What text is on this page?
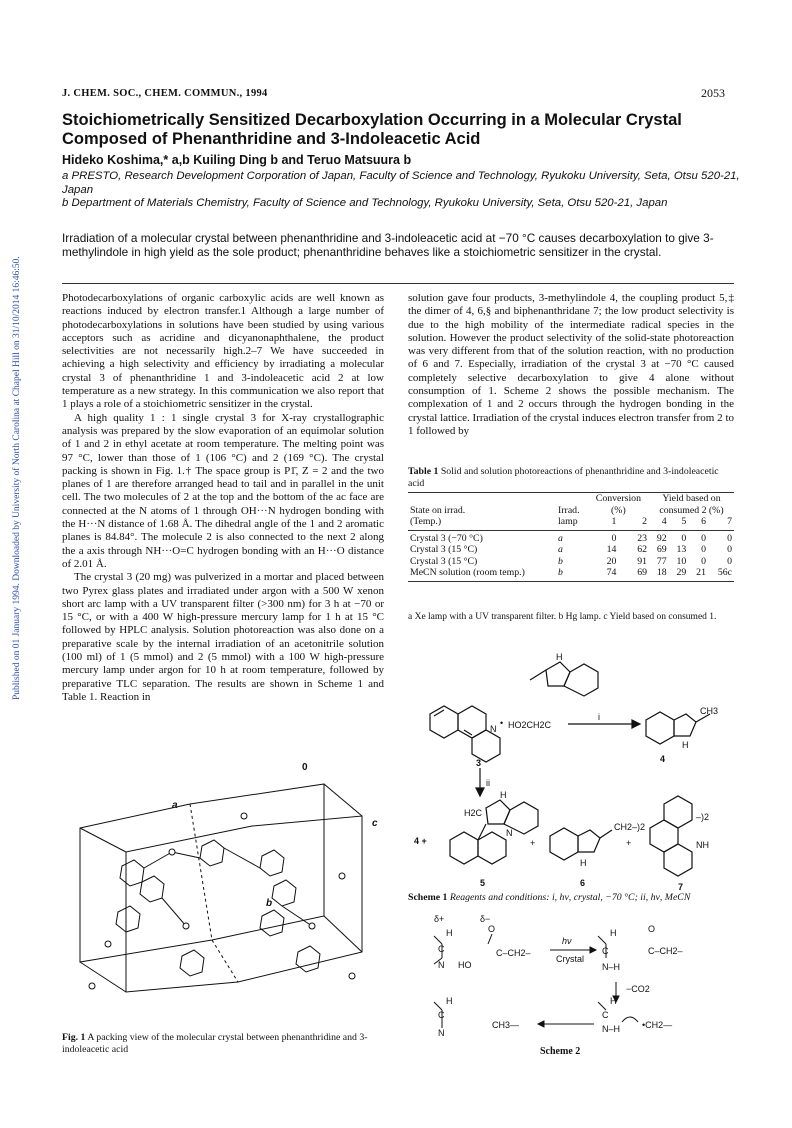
Published on 01 January 1994. Downloaded by University of North Carolina at Chapel Hill on 31/10/2014 16:46:50.
J. CHEM. SOC., CHEM. COMMUN., 1994	2053
Stoichiometrically Sensitized Decarboxylation Occurring in a Molecular Crystal Composed of Phenanthridine and 3-Indoleacetic Acid
Hideko Koshima,* a,b Kuiling Ding b and Teruo Matsuura b
a PRESTO, Research Development Corporation of Japan, Faculty of Science and Technology, Ryukoku University, Seta, Otsu 520-21, Japan
b Department of Materials Chemistry, Faculty of Science and Technology, Ryukoku University, Seta, Otsu 520-21, Japan
Irradiation of a molecular crystal between phenanthridine and 3-indoleacetic acid at −70 °C causes decarboxylation to give 3-methylindole in high yield as the sole product; phenanthridine behaves like a stoichiometric sensitizer in the crystal.

Photodecarboxylations of organic carboxylic acids are well known as reactions induced by electron transfer.1 Although a large number of photodecarboxylations in solutions have been studied by using various acceptors such as acridine and dicyanonaphthalene, the product selectivities are not necessarily high.2–7 We have succeeded in achieving a high selectivity and efficiency by irradiating a molecular crystal 3 of phenanthridine 1 and 3-indoleacetic acid 2 at low temperature as a new strategy. In this communication we also report that 1 plays a role of a stoichiometric sensitizer in the crystal.

A high quality 1 : 1 single crystal 3 for X-ray crystallographic analysis was prepared by the slow evaporation of an equimolar solution of 1 and 2 in ethyl acetate at room temperature. The melting point was 97 °C, lower than those of 1 (106 °C) and 2 (169 °C). The crystal packing is shown in Fig. 1.† The space group is P1̄, Z = 2 and the two planes of 1 are therefore arranged head to tail and in parallel in the unit cell. The two molecules of 2 at the top and the bottom of the ac face are connected at the N atoms of 1 through OH···N hydrogen bonding with the H···N distance of 1.68 Å. The dihedral angle of the 1 and 2 aromatic planes is 84.84°. The molecule 2 is also connected to the next 2 along the a axis through NH···O=C hydrogen bonding with an H···O distance of 2.01 Å.

The crystal 3 (20 mg) was pulverized in a mortar and placed between two Pyrex glass plates and irradiated under argon with a 500 W xenon short arc lamp with a UV transparent filter (>300 nm) for 3 h at −70 or 15 °C, or with a 400 W high-pressure mercury lamp for 1 h at 15 °C followed by HPLC analysis. Solution photoreaction was also done on a preparative scale by the internal irradiation of an acetonitrile solution (100 ml) of 1 (5 mmol) and 2 (5 mmol) with a 100 W high-pressure mercury lamp under argon for 10 h at room temperature, followed by preparative TLC separation. The results are shown in Scheme 1 and Table 1. Reaction in

solution gave four products, 3-methylindole 4, the coupling product 5,‡ the dimer of 4, 6,§ and biphenanthridane 7; the low product selectivity is due to the high mobility of the intermediate radical species in the solution. However the product selectivity of the solid-state photoreaction was very different from that of the solution reaction, with no production of 6 and 7. Especially, irradiation of the crystal 3 at −70 °C caused completely selective decarboxylation to give 4 alone without consumption of 1. Scheme 2 shows the possible mechanism. The complexation of 1 and 2 occurs through the hydrogen bonding in the crystal lattice. Irradiation of the crystal induces electron transfer from 2 to 1 followed by

Table 1 Solid and solution photoreactions of phenanthridine and 3-indoleacetic acid
		Conversion		Yield based on			
State on irrad.	Irrad.	(%)		consumed 2 (%)			
(Temp.)	lamp	1	2	4	5	6	7

Crystal 3 (−70 °C)	a	0	23	92	0	0	0
Crystal 3 (15 °C)	a	14	62	69	13	0	0
Crystal 3 (15 °C)	b	20	91	77	10	0	0
MeCN solution (room temp.)	b	74	69	18	29	21	56c
a Xe lamp with a UV transparent filter. b Hg lamp. c Yield based on consumed 1.
N
• HO2CH2C
H
i
CH3
H
4
3
ii
H
H2C
N
4 +	+
CH2–)2
H
+
–)2
NH
5	6	7
Scheme 1 Reagents and conditions: i, hν, crystal, −70 °C; ii, hν, MeCN
δ+	δ−
H
C
N HO
O
C–CH2–
hν
Crystal
H
C
N–H
O
C–CH2–
−CO2
H
C
N
CH3—
H
C
N–H •CH2—
Scheme 2
a
b
c
0
Fig. 1 A packing view of the molecular crystal between phenanthridine and 3-indoleacetic acid
